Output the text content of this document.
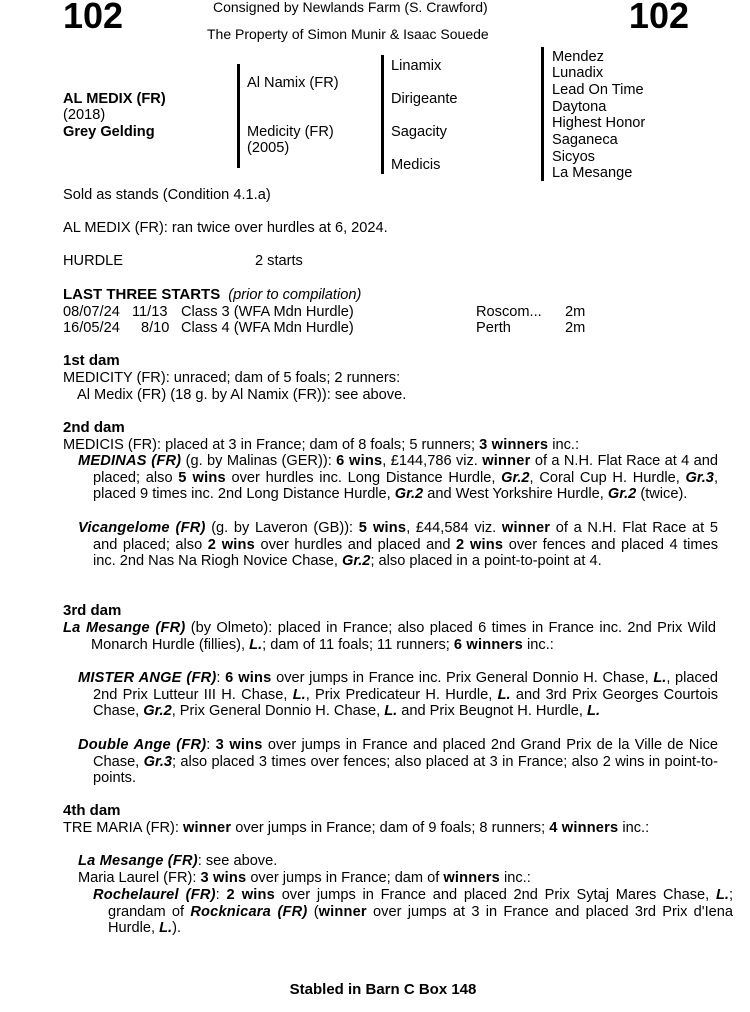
102	102
Consigned by Newlands Farm (S. Crawford)
The Property of Simon Munir & Isaac Souede
AL MEDIX (FR)
(2018)
Grey Gelding
Al Namix (FR)
Medicity (FR)
(2005)
Linamix
Dirigeante
Sagacity
Medicis
Mendez
Lunadix
Lead On Time
Daytona
Highest Honor
Saganeca
Sicyos
La Mesange
Sold as stands (Condition 4.1.a)
AL MEDIX (FR): ran twice over hurdles at 6, 2024.
HURDLE	2 starts
LAST THREE STARTS (prior to compilation)
08/07/24 11/13 Class 3 (WFA Mdn Hurdle)	Roscom... 2m
16/05/24 8/10 Class 4 (WFA Mdn Hurdle)	Perth	2m
1st dam
MEDICITY (FR): unraced; dam of 5 foals; 2 runners:
Al Medix (FR) (18 g. by Al Namix (FR)): see above.
2nd dam
MEDICIS (FR): placed at 3 in France; dam of 8 foals; 5 runners; 3 winners inc.:
MEDINAS (FR) (g. by Malinas (GER)): 6 wins, £144,786 viz. winner of a N.H. Flat Race at 4 and placed; also 5 wins over hurdles inc. Long Distance Hurdle, Gr.2, Coral Cup H. Hurdle, Gr.3, placed 9 times inc. 2nd Long Distance Hurdle, Gr.2 and West Yorkshire Hurdle, Gr.2 (twice).
Vicangelome (FR) (g. by Laveron (GB)): 5 wins, £44,584 viz. winner of a N.H. Flat Race at 5 and placed; also 2 wins over hurdles and placed and 2 wins over fences and placed 4 times inc. 2nd Nas Na Riogh Novice Chase, Gr.2; also placed in a point-to-point at 4.
3rd dam
La Mesange (FR) (by Olmeto): placed in France; also placed 6 times in France inc. 2nd Prix Wild Monarch Hurdle (fillies), L.; dam of 11 foals; 11 runners; 6 winners inc.:
MISTER ANGE (FR): 6 wins over jumps in France inc. Prix General Donnio H. Chase, L., placed 2nd Prix Lutteur III H. Chase, L., Prix Predicateur H. Hurdle, L. and 3rd Prix Georges Courtois Chase, Gr.2, Prix General Donnio H. Chase, L. and Prix Beugnot H. Hurdle, L.
Double Ange (FR): 3 wins over jumps in France and placed 2nd Grand Prix de la Ville de Nice Chase, Gr.3; also placed 3 times over fences; also placed at 3 in France; also 2 wins in point-to-points.
4th dam
TRE MARIA (FR): winner over jumps in France; dam of 9 foals; 8 runners; 4 winners inc.:
La Mesange (FR): see above.
Maria Laurel (FR): 3 wins over jumps in France; dam of winners inc.:
Rochelaurel (FR): 2 wins over jumps in France and placed 2nd Prix Sytaj Mares Chase, L.; grandam of Rocknicara (FR) (winner over jumps at 3 in France and placed 3rd Prix d'Iena Hurdle, L.).
Stabled in Barn C Box 148
